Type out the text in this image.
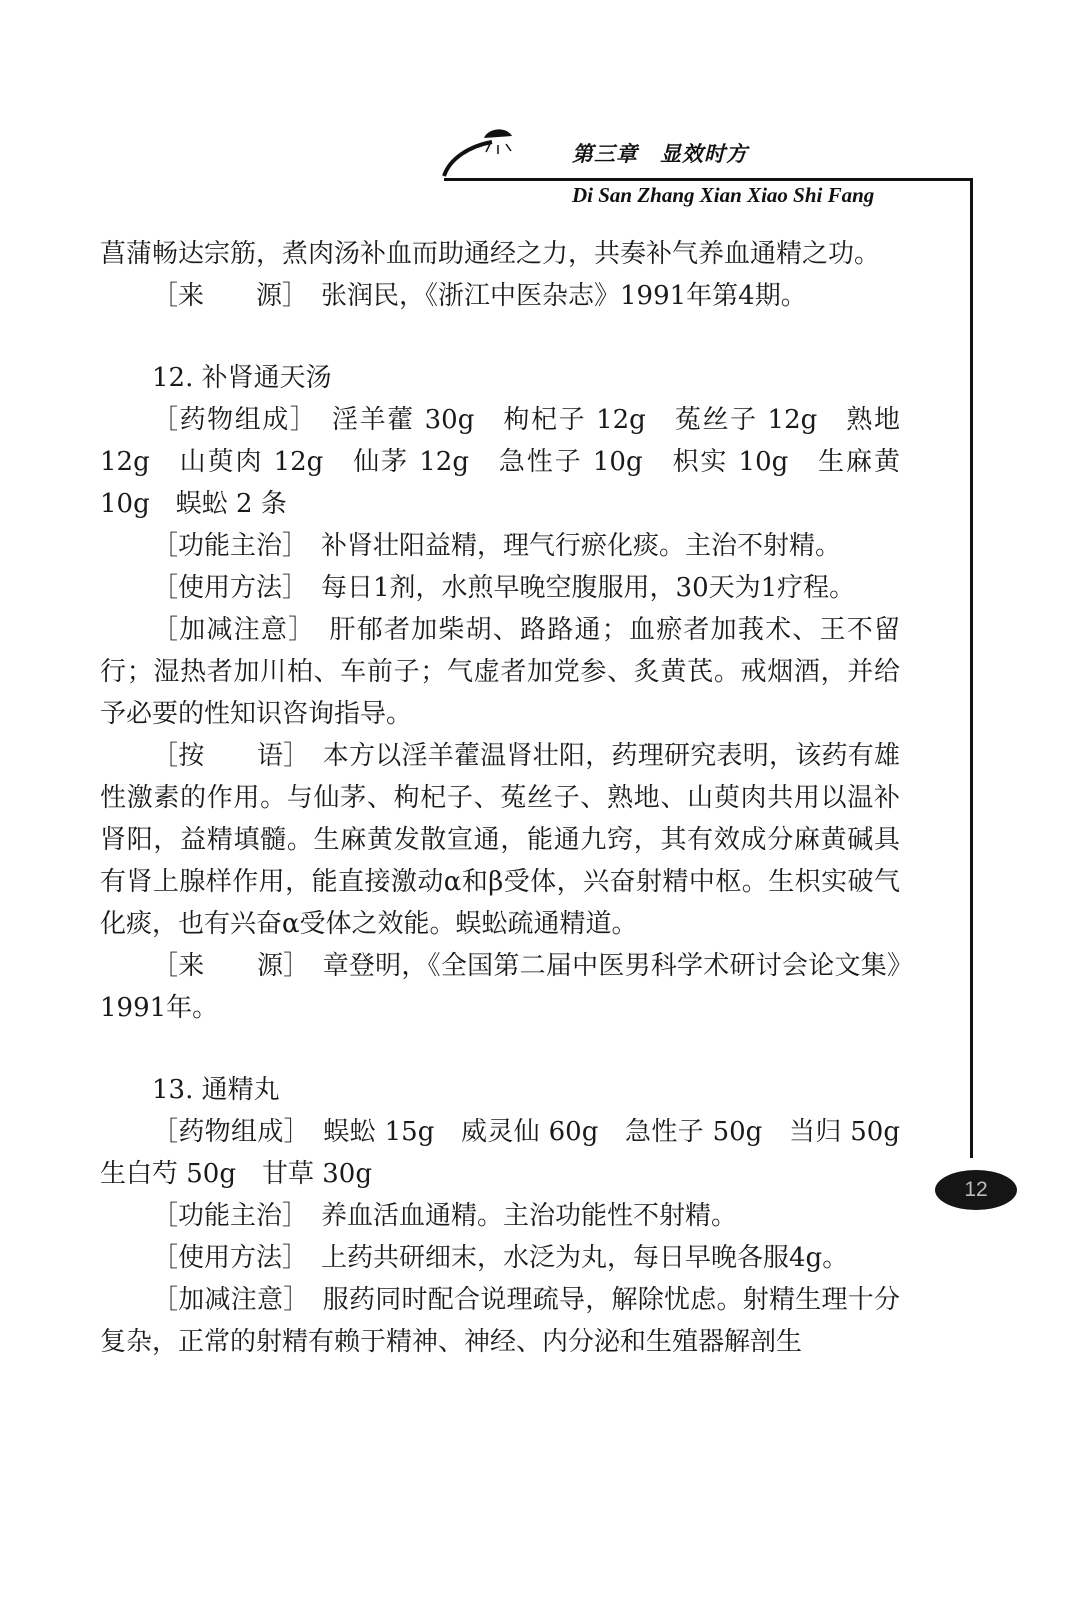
第三章　显效时方
Di San Zhang Xian Xiao Shi Fang
12

菖蒲畅达宗筋，煮肉汤补血而助通经之力，共奏补气养血通精之功。

［来　　源］  张润民，《浙江中医杂志》1991年第4期。

12. 补肾通天汤

［药物组成］  淫羊藿 30g　枸杞子 12g　菟丝子 12g　熟地 12g　山萸肉 12g　仙茅 12g　急性子 10g　枳实 10g　生麻黄 10g　蜈蚣 2 条

［功能主治］  补肾壮阳益精，理气行瘀化痰。主治不射精。

［使用方法］  每日1剂，水煎早晚空腹服用，30天为1疗程。

［加减注意］  肝郁者加柴胡、路路通；血瘀者加莪术、王不留行；湿热者加川柏、车前子；气虚者加党参、炙黄芪。戒烟酒，并给予必要的性知识咨询指导。

［按　　语］  本方以淫羊藿温肾壮阳，药理研究表明，该药有雄性激素的作用。与仙茅、枸杞子、菟丝子、熟地、山萸肉共用以温补肾阳，益精填髓。生麻黄发散宣通，能通九窍，其有效成分麻黄碱具有肾上腺样作用，能直接激动α和β受体，兴奋射精中枢。生枳实破气化痰，也有兴奋α受体之效能。蜈蚣疏通精道。

［来　　源］  章登明，《全国第二届中医男科学术研讨会论文集》1991年。

13. 通精丸

［药物组成］  蜈蚣 15g　威灵仙 60g　急性子 50g　当归 50g　生白芍 50g　甘草 30g

［功能主治］  养血活血通精。主治功能性不射精。

［使用方法］  上药共研细末，水泛为丸，每日早晚各服4g。

［加减注意］  服药同时配合说理疏导，解除忧虑。射精生理十分复杂，正常的射精有赖于精神、神经、内分泌和生殖器解剖生
